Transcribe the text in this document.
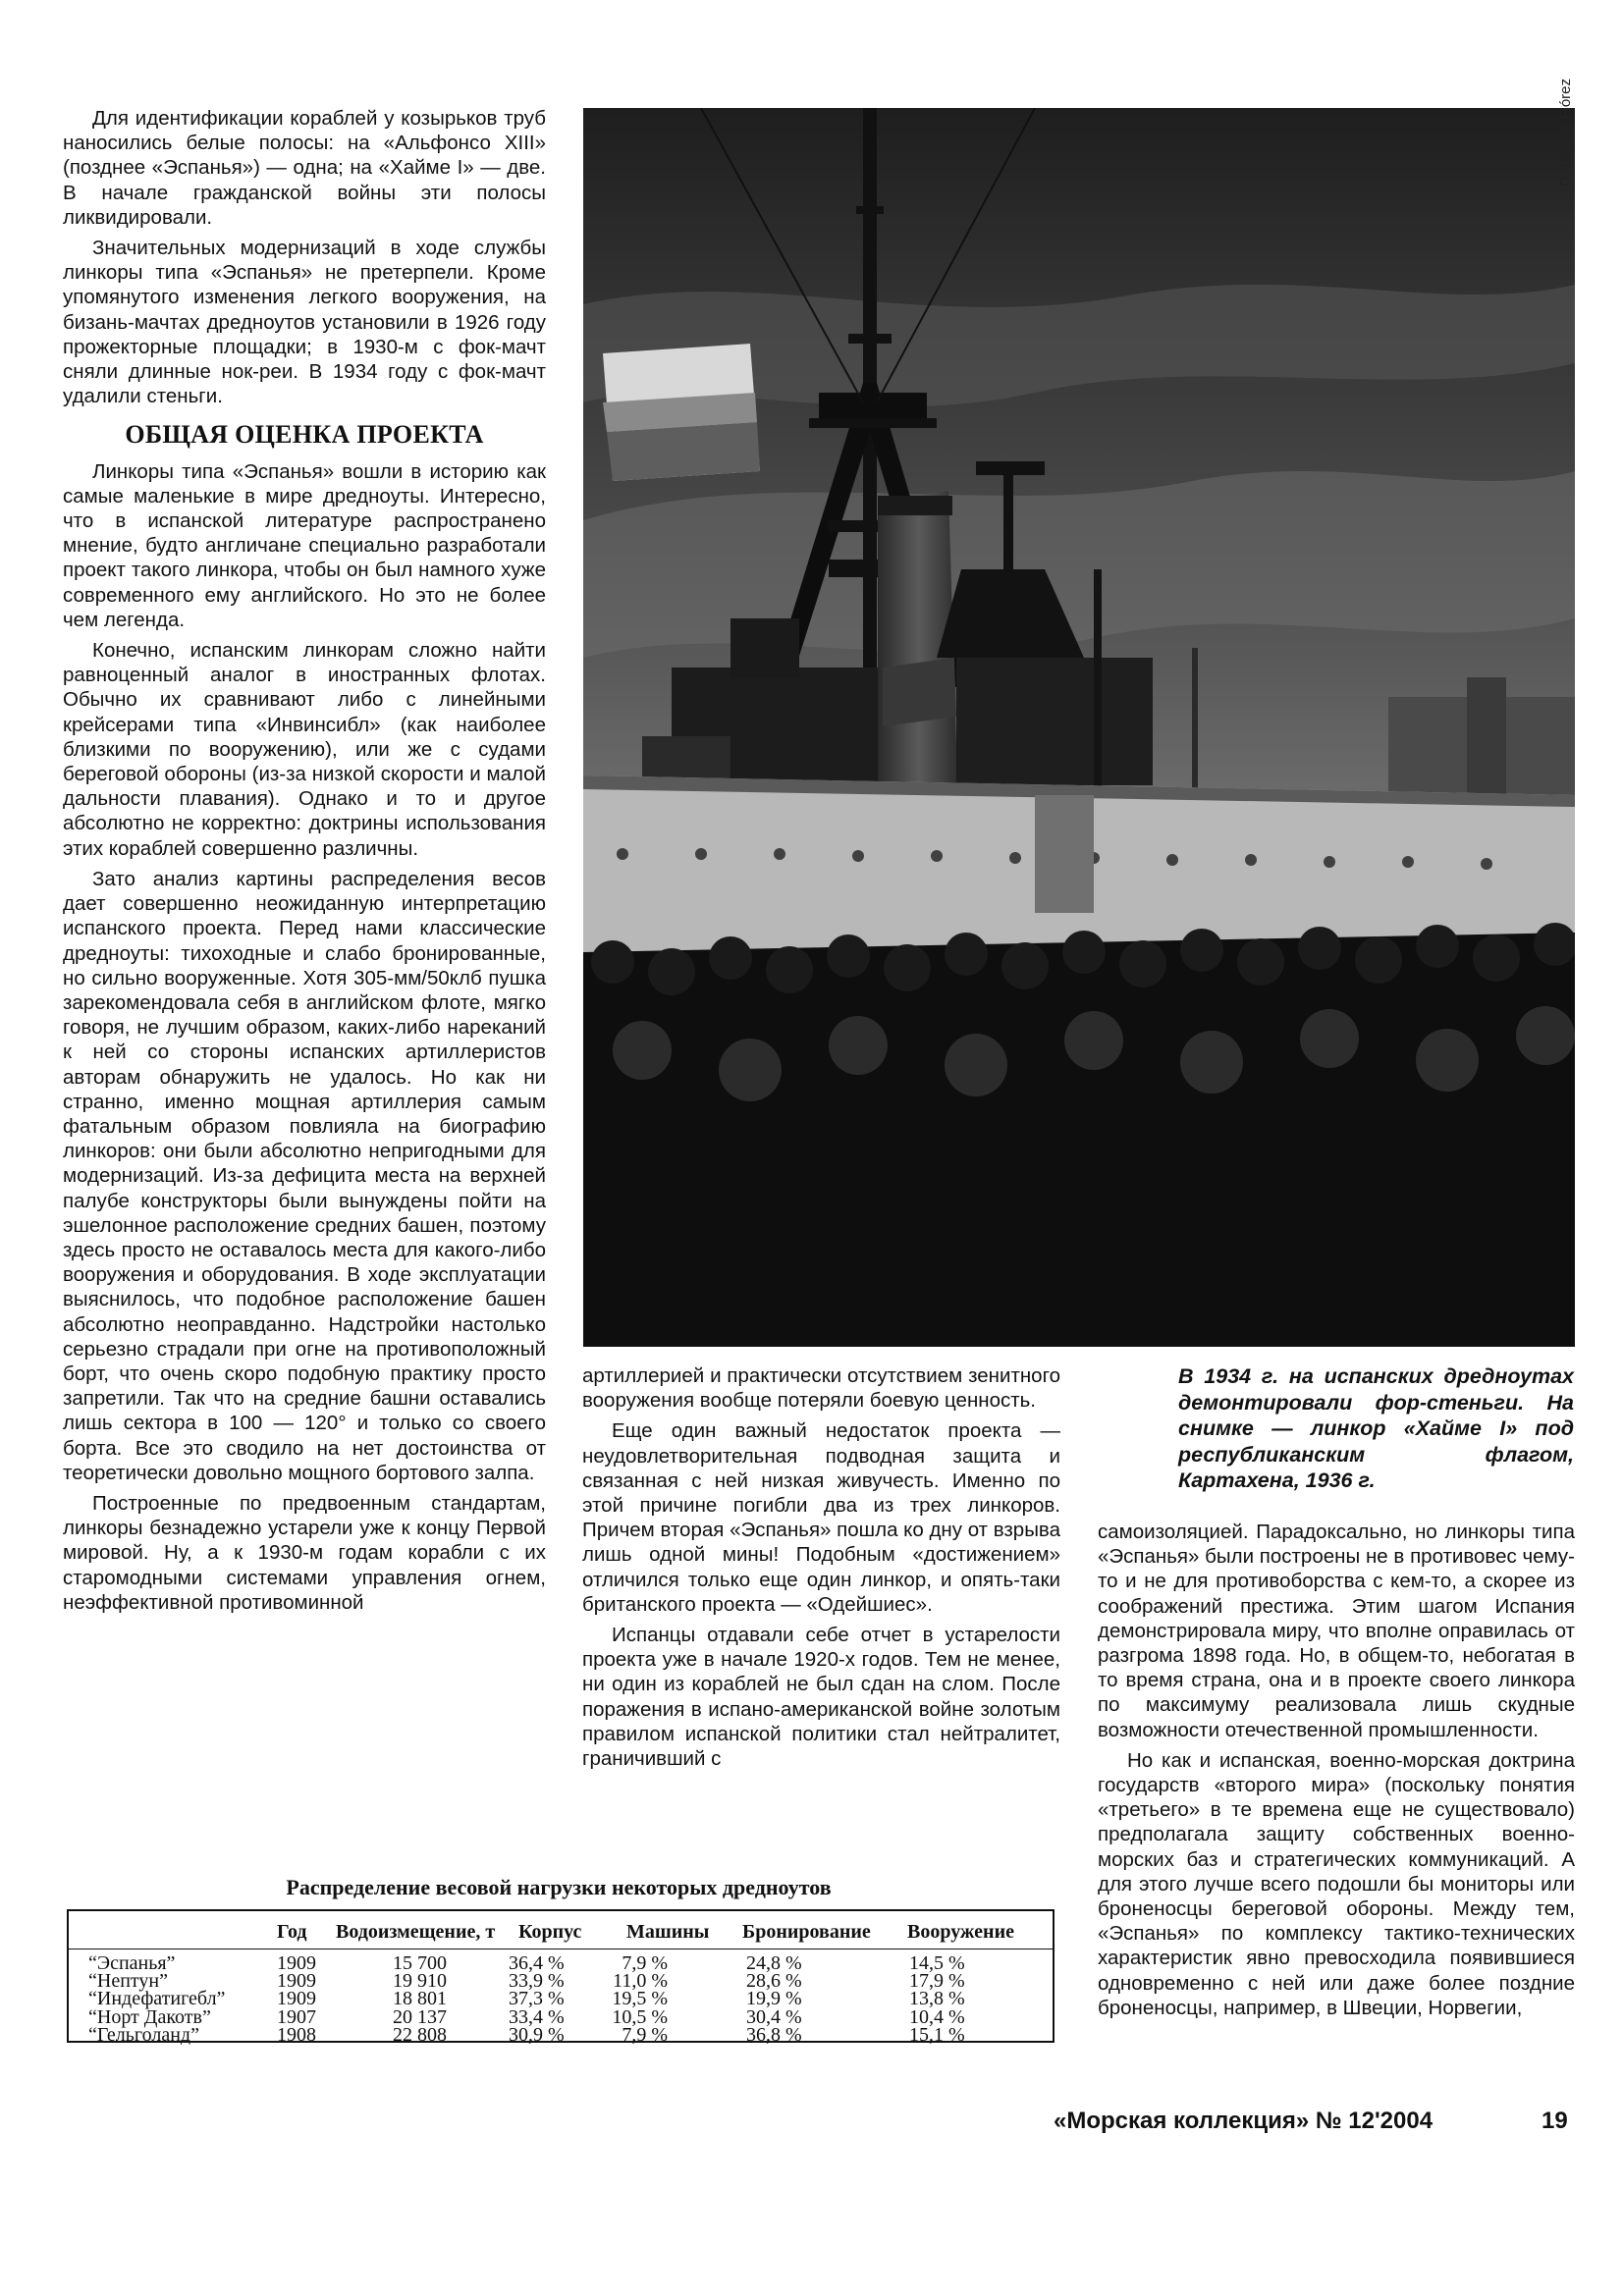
Для идентификации кораблей у козырьков труб наносились белые полосы: на «Альфонсо XIII» (позднее «Эспанья») — одна; на «Хайме I» — две. В начале гражданской войны эти полосы ликвидировали.

Значительных модернизаций в ходе службы линкоры типа «Эспанья» не претерпели. Кроме упомянутого изменения легкого вооружения, на бизань-мачтах дредноутов установили в 1926 году прожекторные площадки; в 1930-м с фок-мачт сняли длинные нок-реи. В 1934 году с фок-мачт удалили стеньги.

ОБЩАЯ ОЦЕНКА ПРОЕКТА

Линкоры типа «Эспанья» вошли в историю как самые маленькие в мире дредноуты. Интересно, что в испанской литературе распространено мнение, будто англичане специально разработали проект такого линкора, чтобы он был намного хуже современного ему английского. Но это не более чем легенда.

Конечно, испанским линкорам сложно найти равноценный аналог в иностранных флотах. Обычно их сравнивают либо с линейными крейсерами типа «Инвинсибл» (как наиболее близкими по вооружению), или же с судами береговой обороны (из-за низкой скорости и малой дальности плавания). Однако и то и другое абсолютно не корректно: доктрины использования этих кораблей совершенно различны.

Зато анализ картины распределения весов дает совершенно неожиданную интерпретацию испанского проекта. Перед нами классические дредноуты: тихоходные и слабо бронированные, но сильно вооруженные. Хотя 305-мм/50клб пушка зарекомендовала себя в английском флоте, мягко говоря, не лучшим образом, каких-либо нареканий к ней со стороны испанских артиллеристов авторам обнаружить не удалось. Но как ни странно, именно мощная артиллерия самым фатальным образом повлияла на биографию линкоров: они были абсолютно непригодными для модернизаций. Из-за дефицита места на верхней палубе конструкторы были вынуждены пойти на эшелонное расположение средних башен, поэтому здесь просто не оставалось места для какого-либо вооружения и оборудования. В ходе эксплуатации выяснилось, что подобное расположение башен абсолютно неоправданно. Надстройки настолько серьезно страдали при огне на противоположный борт, что очень скоро подобную практику просто запретили. Так что на средние башни оставались лишь сектора в 100 — 120° и только со своего борта. Все это сводило на нет достоинства от теоретически довольно мощного бортового залпа.

Построенные по предвоенным стандартам, линкоры безнадежно устарели уже к концу Первой мировой. Ну, а к 1930-м годам корабли с их старомодными системами управления огнем, неэффективной противоминной

D. García Flórez

артиллерией и практически отсутствием зенитного вооружения вообще потеряли боевую ценность.

Еще один важный недостаток проекта — неудовлетворительная подводная защита и связанная с ней низкая живучесть. Именно по этой причине погибли два из трех линкоров. Причем вторая «Эспанья» пошла ко дну от взрыва лишь одной мины! Подобным «достижением» отличился только еще один линкор, и опять-таки британского проекта — «Одейшиес».

Испанцы отдавали себе отчет в устарелости проекта уже в начале 1920-х годов. Тем не менее, ни один из кораблей не был сдан на слом. После поражения в испано-американской войне золотым правилом испанской политики стал нейтралитет, граничивший с

В 1934 г. на испанских дредноутах демонтировали фор-стеньги. На снимке — линкор «Хайме I» под республиканским флагом, Картахена, 1936 г.

самоизоляцией. Парадоксально, но линкоры типа «Эспанья» были построены не в противовес чему-то и не для противоборства с кем-то, а скорее из соображений престижа. Этим шагом Испания демонстрировала миру, что вполне оправилась от разгрома 1898 года. Но, в общем-то, небогатая в то время страна, она и в проекте своего линкора по максимуму реализовала лишь скудные возможности отечественной промышленности.

Но как и испанская, военно-морская доктрина государств «второго мира» (поскольку понятия «третьего» в те времена еще не существовало) предполагала защиту собственных военно-морских баз и стратегических коммуникаций. А для этого лучше всего подошли бы мониторы или броненосцы береговой обороны. Между тем, «Эспанья» по комплексу тактико-технических характеристик явно превосходила появившиеся одновременно с ней или даже более поздние броненосцы, например, в Швеции, Норвегии,

Распределение весовой нагрузки некоторых дредноутов
Год Водоизмещение, т Корпус Машины Бронирование Вооружение
“Эспанья”	1909	15 700	36,4 %	7,9 %	24,8 %	14,5 %
“Нептун”	1909	19 910	33,9 %	11,0 %	28,6 %	17,9 %
“Индефатигебл”	1909	18 801	37,3 % 19,5 %	19,9 %	13,8 %
“Норт Дакотв”	1907	20 137	33,4 % 10,5 %	30,4 %	10,4 %
“Гельголанд”	1908	22 808	30,9 %	7,9 %	36,8 %	15,1 %
«Морская коллекция» № 12'2004	19
